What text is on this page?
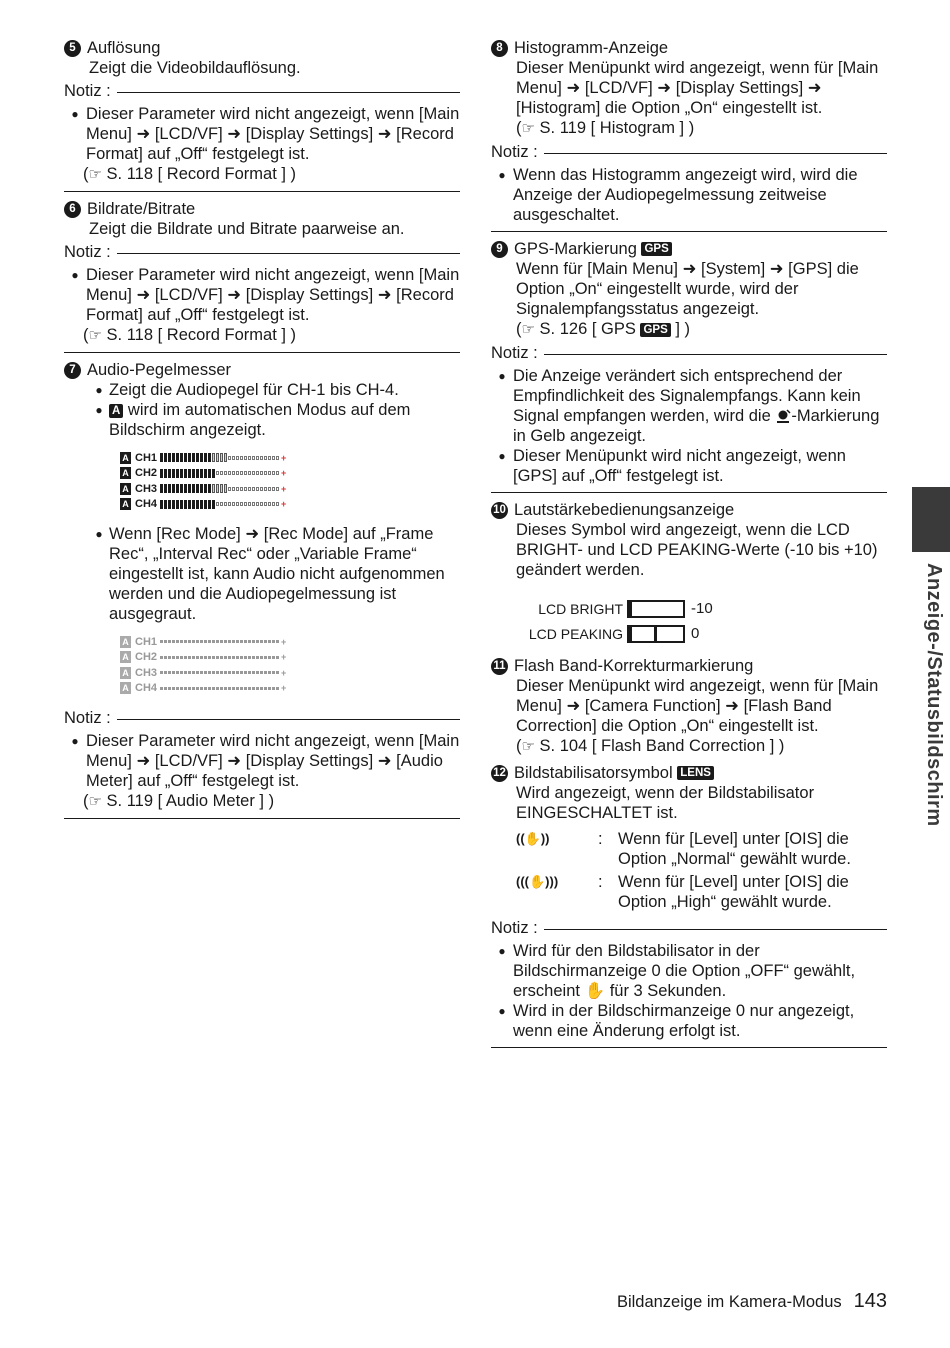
5 Auflösung
Zeigt die Videobildauflösung.
Notiz :
● Dieser Parameter wird nicht angezeigt, wenn [Main Menu] ➜ [LCD/VF] ➜ [Display Settings] ➜ [Record Format] auf „Off“ festgelegt ist.
(☞ S. 118 [ Record Format ] )
6 Bildrate/Bitrate
Zeigt die Bildrate und Bitrate paarweise an.
Notiz :
● Dieser Parameter wird nicht angezeigt, wenn [Main Menu] ➜ [LCD/VF] ➜ [Display Settings] ➜ [Record Format] auf „Off“ festgelegt ist.
(☞ S. 118 [ Record Format ] )
7 Audio-Pegelmesser
● Zeigt die Audiopegel für CH-1 bis CH-4.
● A wird im automatischen Modus auf dem Bildschirm angezeigt.
A CH1	+
A CH2	+
A CH3	+
A CH4	+
● Wenn [Rec Mode] ➜ [Rec Mode] auf „Frame Rec“, „Interval Rec“ oder „Variable Frame“ eingestellt ist, kann Audio nicht aufgenommen werden und die Audiopegelmessung ist ausgegraut.
A CH1	+
A CH2	+
A CH3	+
A CH4	+
Notiz :
● Dieser Parameter wird nicht angezeigt, wenn [Main Menu] ➜ [LCD/VF] ➜ [Display Settings] ➜ [Audio Meter] auf „Off“ festgelegt ist.
(☞ S. 119 [ Audio Meter ] )
8 Histogramm-Anzeige
Dieser Menüpunkt wird angezeigt, wenn für [Main Menu] ➜ [LCD/VF] ➜ [Display Settings] ➜ [Histogram] die Option „On“ eingestellt ist.
(☞ S. 119 [ Histogram ] )
Notiz :
● Wenn das Histogramm angezeigt wird, wird die Anzeige der Audiopegelmessung zeitweise ausgeschaltet.
9 GPS-Markierung
GPS
Wenn für [Main Menu] ➜ [System] ➜ [GPS] die Option „On“ eingestellt wurde, wird der Signalempfangsstatus angezeigt.
(☞ S. 126 [ GPS GPS ] )
Notiz :
● Die Anzeige verändert sich entsprechend der Empfindlichkeit des Signalempfangs. Kann kein Signal empfangen werden, wird die -Markierung in Gelb angezeigt.
● Dieser Menüpunkt wird nicht angezeigt, wenn [GPS] auf „Off“ festgelegt ist.
10 Lautstärkebedienungsanzeige
Dieses Symbol wird angezeigt, wenn die LCD BRIGHT- und LCD PEAKING-Werte (-10 bis +10) geändert werden.
LCD BRIGHT	-10
LCD PEAKING	0
11 Flash Band-Korrekturmarkierung
Dieser Menüpunkt wird angezeigt, wenn für [Main Menu] ➜ [Camera Function] ➜ [Flash Band Correction] die Option „On“ eingestellt ist.
(☞ S. 104 [ Flash Band Correction ] )
12 Bildstabilisatorsymbol
LENS
Wird angezeigt, wenn der Bildstabilisator EINGESCHALTET ist.
((✋))	: Wenn für [Level] unter [OIS] die Option „Normal“ gewählt wurde.
(((✋)))	: Wenn für [Level] unter [OIS] die Option „High“ gewählt wurde.
Notiz :
● Wird für den Bildstabilisator in der Bildschirmanzeige 0 die Option „OFF“ gewählt, erscheint ✋ für 3 Sekunden.
● Wird in der Bildschirmanzeige 0 nur angezeigt, wenn eine Änderung erfolgt ist.
Anzeige-/Statusbildschirm
Bildanzeige im Kamera-Modus 143
